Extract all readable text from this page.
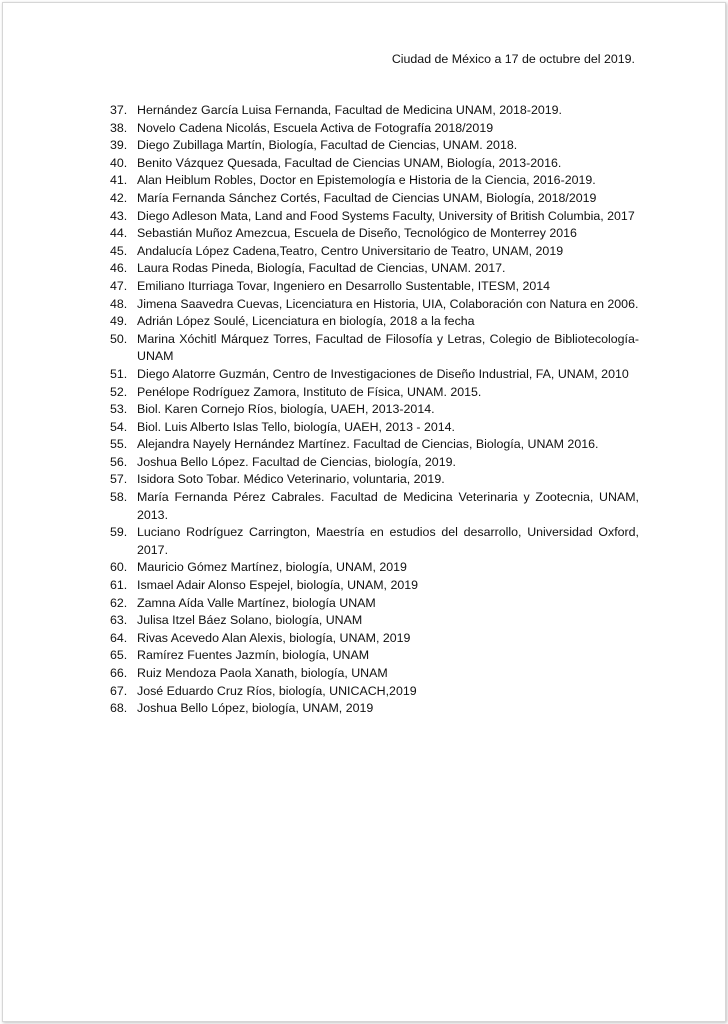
Ciudad de México a 17 de octubre del 2019.
37. Hernández García Luisa Fernanda, Facultad de Medicina UNAM, 2018-2019.
38. Novelo Cadena Nicolás, Escuela Activa de Fotografía 2018/2019
39. Diego Zubillaga Martín, Biología, Facultad de Ciencias, UNAM. 2018.
40. Benito Vázquez Quesada, Facultad de Ciencias UNAM, Biología, 2013-2016.
41. Alan Heiblum Robles, Doctor en Epistemología e Historia de la Ciencia, 2016-2019.
42. María Fernanda Sánchez Cortés, Facultad de Ciencias UNAM, Biología, 2018/2019
43. Diego Adleson Mata, Land and Food Systems Faculty, University of British Columbia, 2017
44. Sebastián Muñoz Amezcua, Escuela de Diseño, Tecnológico de Monterrey 2016
45. Andalucía López Cadena,Teatro, Centro Universitario de Teatro, UNAM, 2019
46. Laura Rodas Pineda, Biología, Facultad de Ciencias, UNAM. 2017.
47. Emiliano Iturriaga Tovar, Ingeniero en Desarrollo Sustentable, ITESM, 2014
48. Jimena Saavedra Cuevas, Licenciatura en Historia, UIA, Colaboración con Natura en 2006.
49. Adrián López Soulé, Licenciatura en biología, 2018 a la fecha
50. Marina Xóchitl Márquez Torres, Facultad de Filosofía y Letras, Colegio de Bibliotecología-UNAM
51. Diego Alatorre Guzmán, Centro de Investigaciones de Diseño Industrial, FA, UNAM, 2010
52. Penélope Rodríguez Zamora, Instituto de Física, UNAM. 2015.
53. Biol. Karen Cornejo Ríos, biología, UAEH, 2013-2014.
54. Biol. Luis Alberto Islas Tello, biología, UAEH, 2013 - 2014.
55. Alejandra Nayely Hernández Martínez. Facultad de Ciencias, Biología, UNAM 2016.
56. Joshua Bello López. Facultad de Ciencias, biología, 2019.
57. Isidora Soto Tobar. Médico Veterinario, voluntaria, 2019.
58. María Fernanda Pérez Cabrales. Facultad de Medicina Veterinaria y Zootecnia, UNAM, 2013.
59. Luciano Rodríguez Carrington, Maestría en estudios del desarrollo, Universidad Oxford, 2017.
60. Mauricio Gómez Martínez, biología, UNAM, 2019
61. Ismael Adair Alonso Espejel, biología, UNAM, 2019
62. Zamna Aída Valle Martínez, biología UNAM
63. Julisa Itzel Báez Solano, biología, UNAM
64. Rivas Acevedo Alan Alexis, biología, UNAM, 2019
65. Ramírez Fuentes Jazmín, biología, UNAM
66. Ruiz Mendoza Paola Xanath, biología, UNAM
67. José Eduardo Cruz Ríos, biología, UNICACH,2019
68. Joshua Bello López, biología, UNAM, 2019
